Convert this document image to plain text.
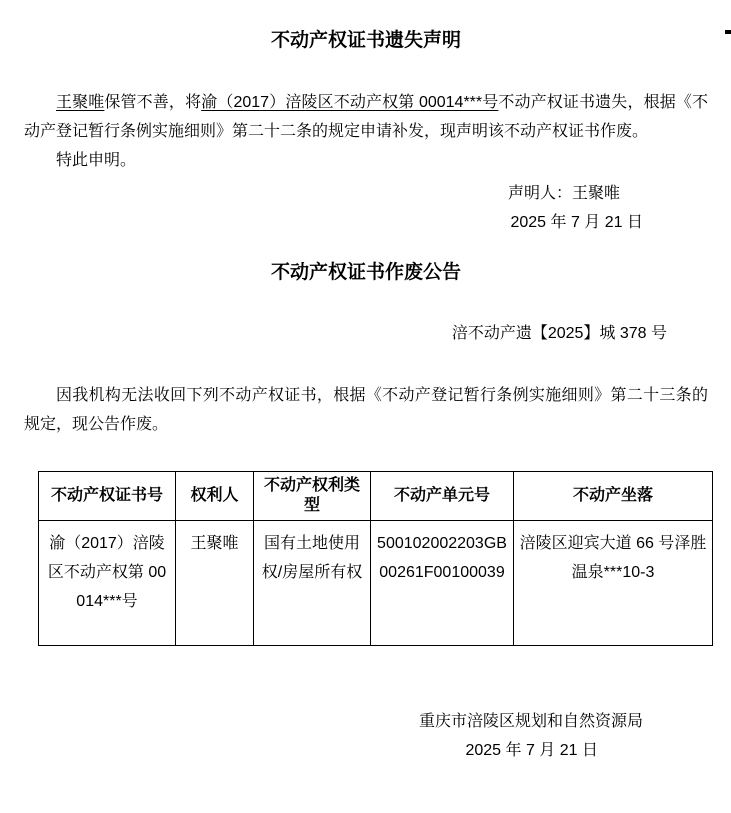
不动产权证书遗失声明

王聚唯保管不善，将渝（2017）涪陵区不动产权第 00014***号不动产权证书遗失，根据《不动产登记暂行条例实施细则》第二十二条的规定申请补发，现声明该不动产权证书作废。

特此申明。

声明人：王聚唯
2025 年 7 月 21 日
不动产权证书作废公告
涪不动产遗【2025】城 378 号

因我机构无法收回下列不动产权证书，根据《不动产登记暂行条例实施细则》第二十三条的规定，现公告作废。

不动产权证书号	权利人	不动产权利类型	不动产单元号	不动产坐落
渝（2017）涪陵区不动产权第 00014***号	王聚唯	国有土地使用权/房屋所有权	500102002203GB00261F00100039	涪陵区迎宾大道 66 号泽胜温泉***10-3
重庆市涪陵区规划和自然资源局
2025 年 7 月 21 日
